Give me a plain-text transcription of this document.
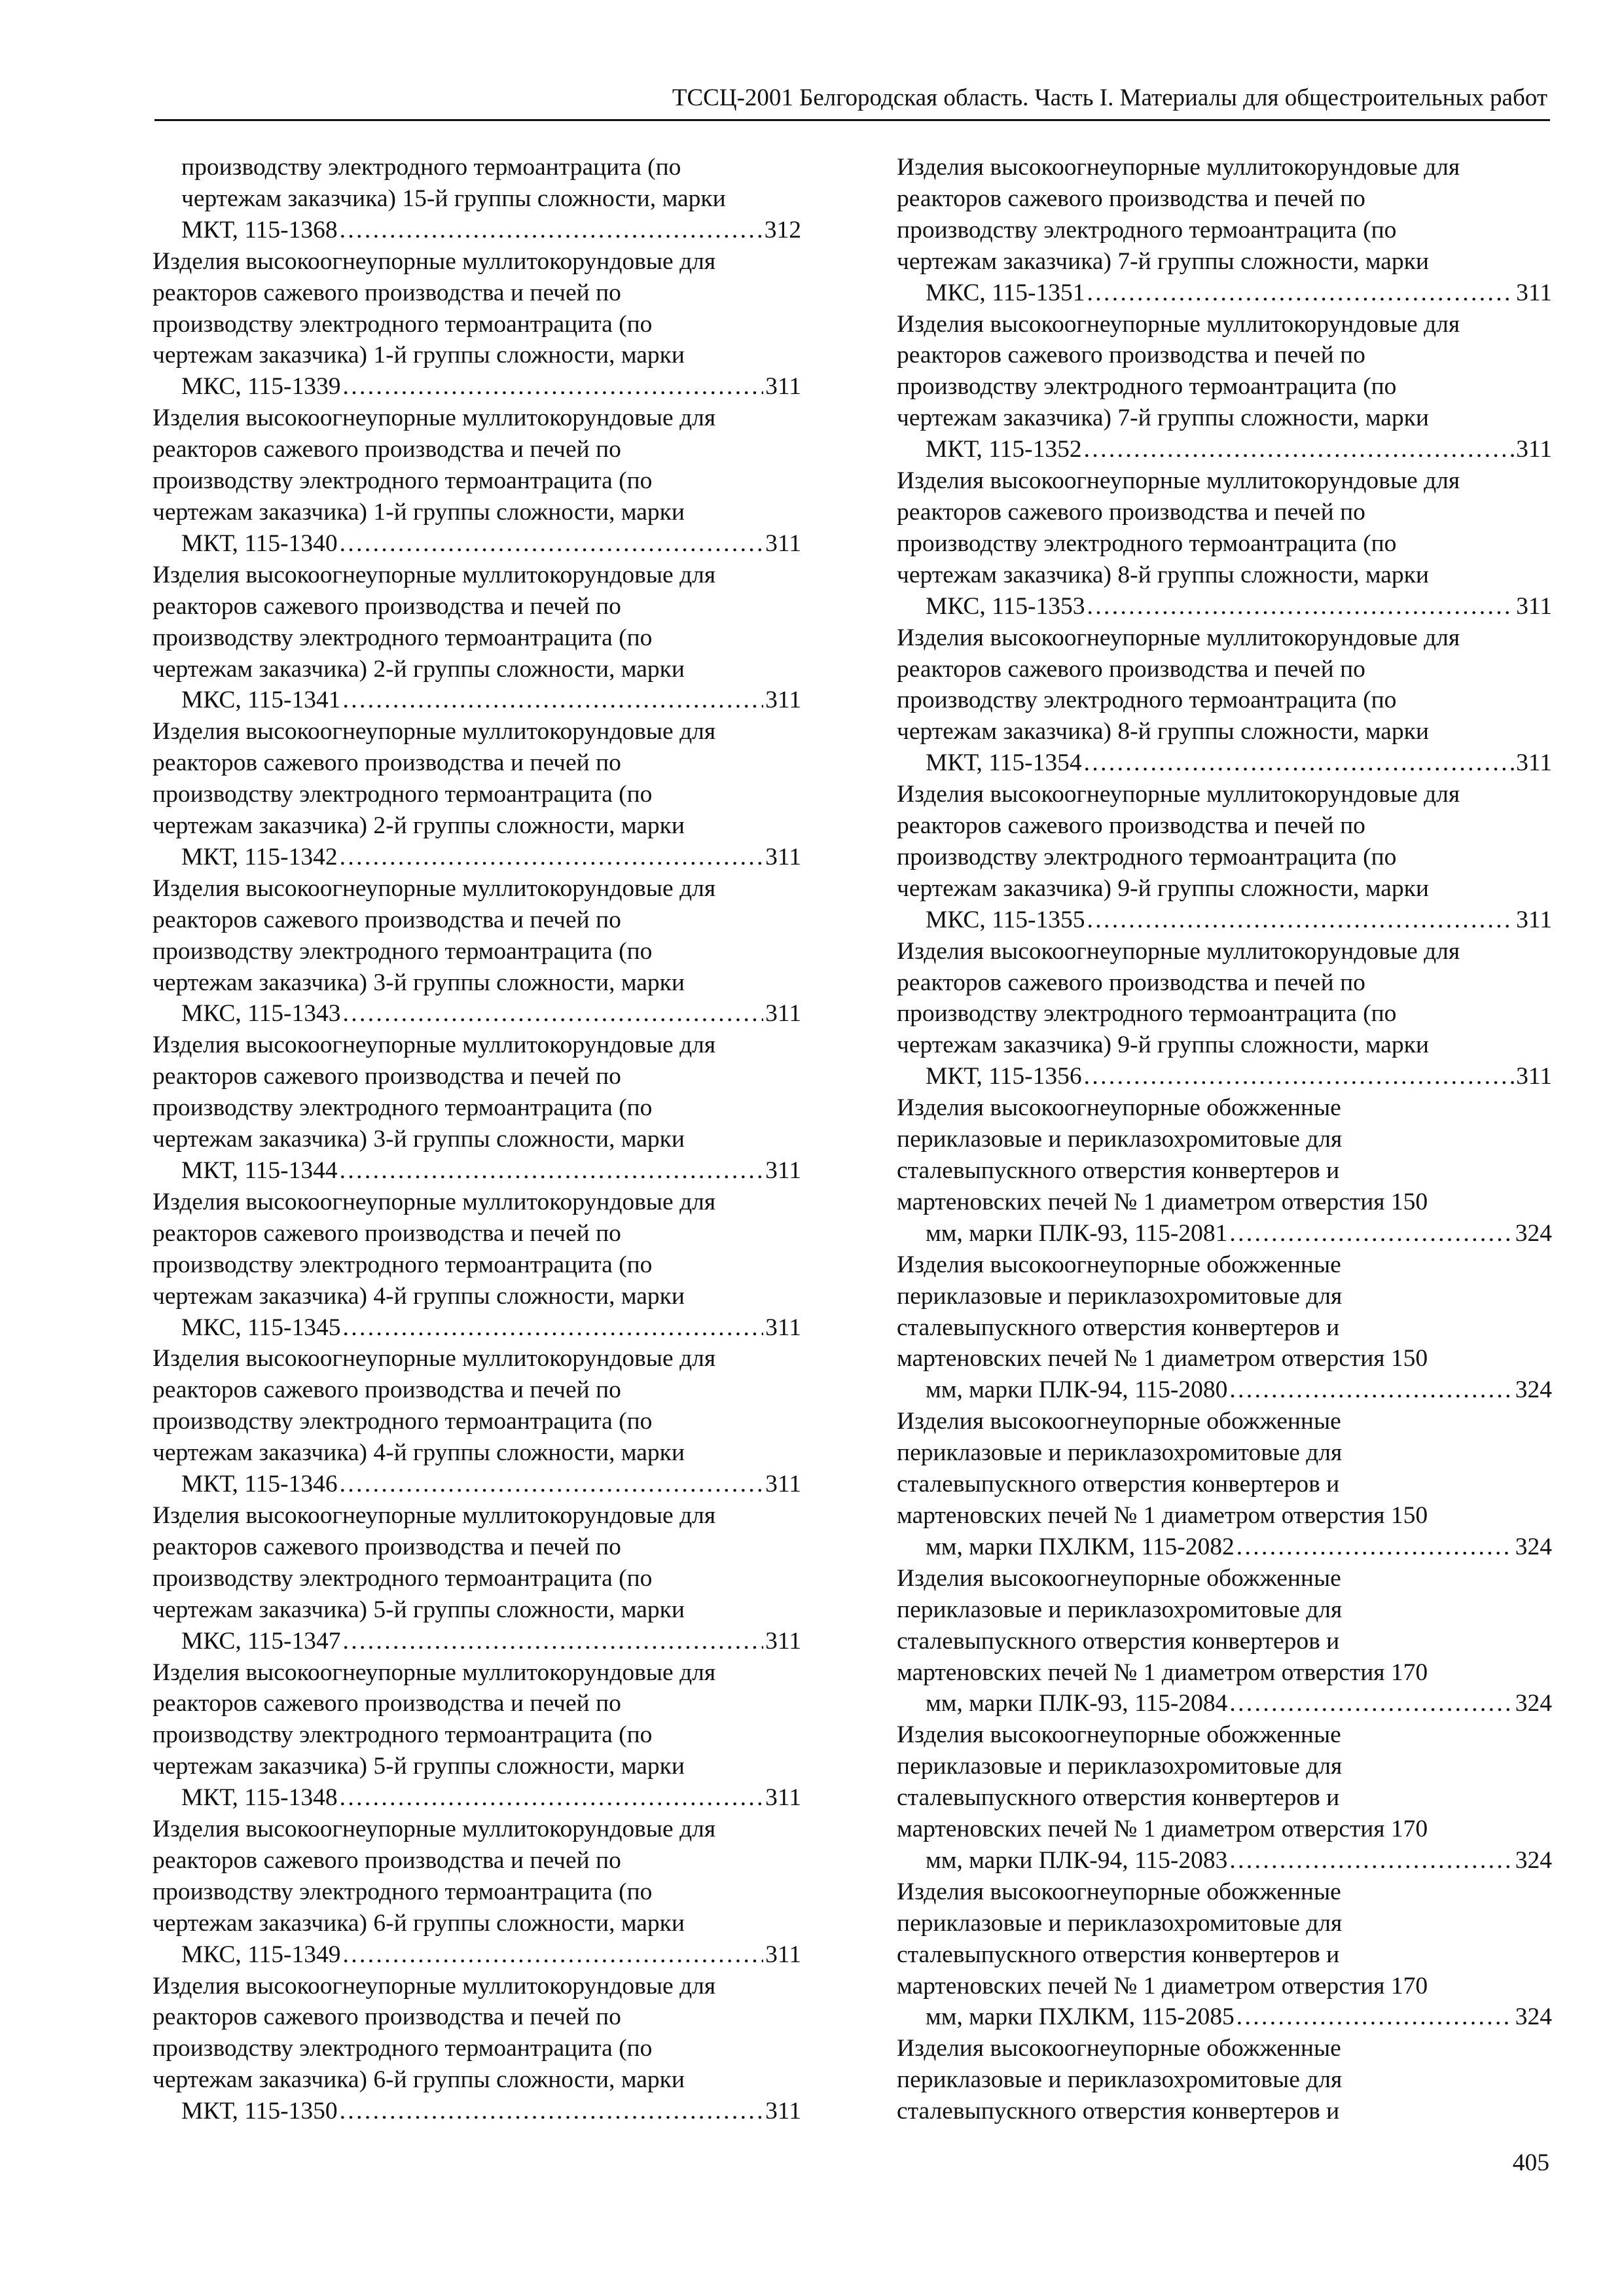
ТССЦ-2001 Белгородская область. Часть I. Материалы для общестроительных работ
производству электродного термоантрацита (по
чертежам заказчика) 15-й группы сложности, марки
МКТ, 115-1368 . . .	312
Изделия высокоогнеупорные муллитокорундовые для
реакторов сажевого производства и печей по
производству электродного термоантрацита (по
чертежам заказчика) 1-й группы сложности, марки
МКС, 115-1339 . . .	311
Изделия высокоогнеупорные муллитокорундовые для
реакторов сажевого производства и печей по
производству электродного термоантрацита (по
чертежам заказчика) 1-й группы сложности, марки
МКТ, 115-1340 . . .	311
Изделия высокоогнеупорные муллитокорундовые для
реакторов сажевого производства и печей по
производству электродного термоантрацита (по
чертежам заказчика) 2-й группы сложности, марки
МКС, 115-1341 . . .	311
Изделия высокоогнеупорные муллитокорундовые для
реакторов сажевого производства и печей по
производству электродного термоантрацита (по
чертежам заказчика) 2-й группы сложности, марки
МКТ, 115-1342 . . .	311
Изделия высокоогнеупорные муллитокорундовые для
реакторов сажевого производства и печей по
производству электродного термоантрацита (по
чертежам заказчика) 3-й группы сложности, марки
МКС, 115-1343 . . .	311
Изделия высокоогнеупорные муллитокорундовые для
реакторов сажевого производства и печей по
производству электродного термоантрацита (по
чертежам заказчика) 3-й группы сложности, марки
МКТ, 115-1344 . . .	311
Изделия высокоогнеупорные муллитокорундовые для
реакторов сажевого производства и печей по
производству электродного термоантрацита (по
чертежам заказчика) 4-й группы сложности, марки
МКС, 115-1345 . . .	311
Изделия высокоогнеупорные муллитокорундовые для
реакторов сажевого производства и печей по
производству электродного термоантрацита (по
чертежам заказчика) 4-й группы сложности, марки
МКТ, 115-1346 . . .	311
Изделия высокоогнеупорные муллитокорундовые для
реакторов сажевого производства и печей по
производству электродного термоантрацита (по
чертежам заказчика) 5-й группы сложности, марки
МКС, 115-1347 . . .	311
Изделия высокоогнеупорные муллитокорундовые для
реакторов сажевого производства и печей по
производству электродного термоантрацита (по
чертежам заказчика) 5-й группы сложности, марки
МКТ, 115-1348 . . .	311
Изделия высокоогнеупорные муллитокорундовые для
реакторов сажевого производства и печей по
производству электродного термоантрацита (по
чертежам заказчика) 6-й группы сложности, марки
МКС, 115-1349 . . .	311
Изделия высокоогнеупорные муллитокорундовые для
реакторов сажевого производства и печей по
производству электродного термоантрацита (по
чертежам заказчика) 6-й группы сложности, марки
МКТ, 115-1350 . . .	311
Изделия высокоогнеупорные муллитокорундовые для
реакторов сажевого производства и печей по
производству электродного термоантрацита (по
чертежам заказчика) 7-й группы сложности, марки
МКС, 115-1351 . . .	311
Изделия высокоогнеупорные муллитокорундовые для
реакторов сажевого производства и печей по
производству электродного термоантрацита (по
чертежам заказчика) 7-й группы сложности, марки
МКТ, 115-1352 . . .	311
Изделия высокоогнеупорные муллитокорундовые для
реакторов сажевого производства и печей по
производству электродного термоантрацита (по
чертежам заказчика) 8-й группы сложности, марки
МКС, 115-1353 . . .	311
Изделия высокоогнеупорные муллитокорундовые для
реакторов сажевого производства и печей по
производству электродного термоантрацита (по
чертежам заказчика) 8-й группы сложности, марки
МКТ, 115-1354 . . .	311
Изделия высокоогнеупорные муллитокорундовые для
реакторов сажевого производства и печей по
производству электродного термоантрацита (по
чертежам заказчика) 9-й группы сложности, марки
МКС, 115-1355 . . .	311
Изделия высокоогнеупорные муллитокорундовые для
реакторов сажевого производства и печей по
производству электродного термоантрацита (по
чертежам заказчика) 9-й группы сложности, марки
МКТ, 115-1356 . . .	311
Изделия высокоогнеупорные обожженные
периклазовые и периклазохромитовые для
сталевыпускного отверстия конвертеров и
мартеновских печей № 1 диаметром отверстия 150
мм, марки ПЛК-93, 115-2081 . . .	324
Изделия высокоогнеупорные обожженные
периклазовые и периклазохромитовые для
сталевыпускного отверстия конвертеров и
мартеновских печей № 1 диаметром отверстия 150
мм, марки ПЛК-94, 115-2080 . . .	324
Изделия высокоогнеупорные обожженные
периклазовые и периклазохромитовые для
сталевыпускного отверстия конвертеров и
мартеновских печей № 1 диаметром отверстия 150
мм, марки ПХЛКМ, 115-2082 . . .	324
Изделия высокоогнеупорные обожженные
периклазовые и периклазохромитовые для
сталевыпускного отверстия конвертеров и
мартеновских печей № 1 диаметром отверстия 170
мм, марки ПЛК-93, 115-2084 . . .	324
Изделия высокоогнеупорные обожженные
периклазовые и периклазохромитовые для
сталевыпускного отверстия конвертеров и
мартеновских печей № 1 диаметром отверстия 170
мм, марки ПЛК-94, 115-2083 . . .	324
Изделия высокоогнеупорные обожженные
периклазовые и периклазохромитовые для
сталевыпускного отверстия конвертеров и
мартеновских печей № 1 диаметром отверстия 170
мм, марки ПХЛКМ, 115-2085 . . .	324
Изделия высокоогнеупорные обожженные
периклазовые и периклазохромитовые для
сталевыпускного отверстия конвертеров и
405
